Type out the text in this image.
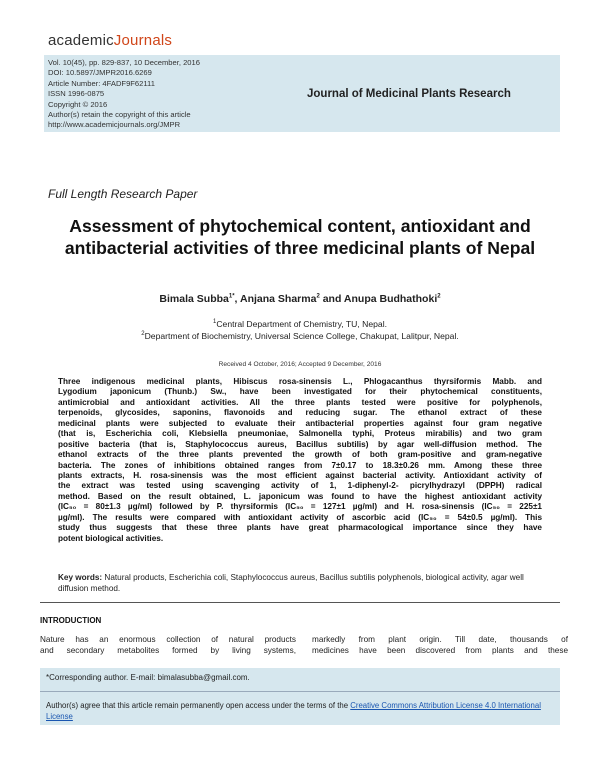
academicJournals
Vol. 10(45), pp. 829-837, 10 December, 2016
DOI: 10.5897/JMPR2016.6269
Article Number: 4FADF9F62111
ISSN 1996-0875
Copyright © 2016
Author(s) retain the copyright of this article
http://www.academicjournals.org/JMPR
Journal of Medicinal Plants Research
Full Length Research Paper
Assessment of phytochemical content, antioxidant and antibacterial activities of three medicinal plants of Nepal
Bimala Subba$^{1*}$, Anjana Sharma$^2$ and Anupa Budhathoki$^2$
$^1$Central Department of Chemistry, TU, Nepal.
$^2$Department of Biochemistry, Universal Science College, Chakupat, Lalitpur, Nepal.
Received 4 October, 2016; Accepted 9 December, 2016
Three indigenous medicinal plants, Hibiscus rosa-sinensis L., Phlogacanthus thyrsiformis Mabb. and
Lygodium japonicum (Thunb.) Sw., have been investigated for their phytochemical constituents,
antimicrobial and antioxidant activities. All the three plants tested were positive for polyphenols,
terpenoids, glycosides, saponins, flavonoids and reducing sugar. The ethanol extract of these
medicinal plants were subjected to evaluate their antibacterial properties against four gram negative
(that is, Escherichia coli, Klebsiella pneumoniae, Salmonella typhi, Proteus mirabilis) and two gram
positive bacteria (that is, Staphylococcus aureus, Bacillus subtilis) by agar well-diffusion method. The
ethanol extracts of the three plants prevented the growth of both gram-positive and gram-negative
bacteria. The zones of inhibitions obtained ranges from 7±0.17 to 18.3±0.26 mm. Among these three
plants extracts, H. rosa-sinensis was the most efficient against bacterial activity. Antioxidant activity of
the extract was tested using scavenging activity of 1, 1-diphenyl-2- picrylhydrazyl (DPPH) radical
method. Based on the result obtained, L. japonicum was found to have the highest antioxidant activity
(IC₅₀ = 80±1.3 µg/ml) followed by P. thyrsiformis (IC₅₀ = 127±1 µg/ml) and H. rosa-sinensis (IC₅₀ = 225±1
µg/ml). The results were compared with antioxidant activity of ascorbic acid (IC₅₀ = 54±0.5 µg/ml). This
study thus suggests that these three plants have great pharmacological importance since they have
potent biological activities.
Key words: Natural products, Escherichia coli, Staphylococcus aureus, Bacillus subtilis polyphenols, biological activity, agar well diffusion method.
INTRODUCTION
Nature has an enormous collection of natural products
and secondary metabolites formed by living systems,
markedly from plant origin. Till date, thousands of
medicines have been discovered from plants and these
*Corresponding author. E-mail: bimalasubba@gmail.com.
Author(s) agree that this article remain permanently open access under the terms of the Creative Commons Attribution License 4.0 International License
